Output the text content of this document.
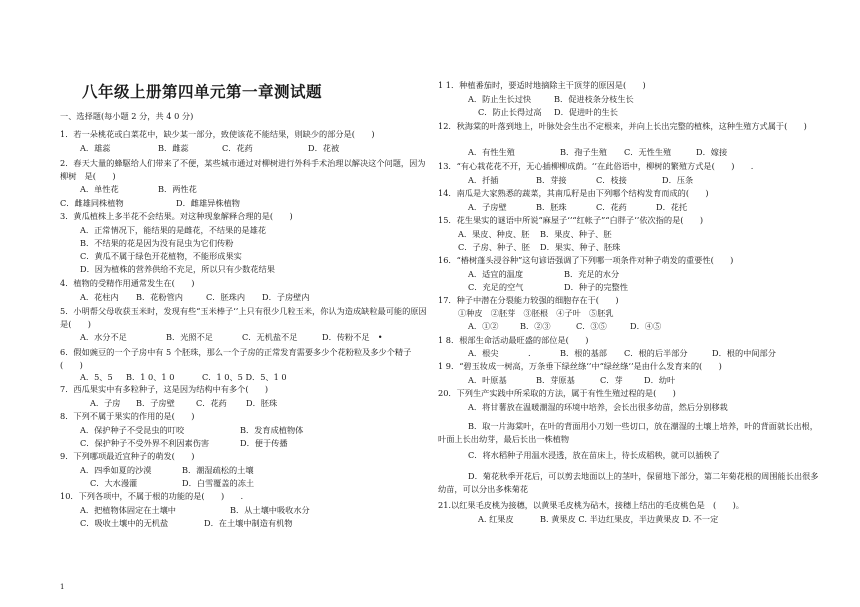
八年级上册第四单元第一章测试题
一、选择题(每小题 2 分，共 4 0 分)
1．若一朵桃花或白菜花中，缺少某一部分，致使该花不能结果，则缺少的部分是(　　)
A．雄蕊	B．雌蕊	C．花药	D．花被
2．春天大量的蜂駆给人们带来了不便，某些城市通过对柳树进行外科手术治理以解决这个问题，因为柳树　是(　　)
A．单性花	B．两性花
C．雌雄同株植物	D．雌雄异株植物
3．黄瓜植株上多半花不会结果。对这种现象解释合理的是(　　)
A．正常情况下，能结果的是雌花，不结果的是雄花
B．不结果的花是因为没有昆虫为它们传粉
C．黄瓜不属于绿色开花植物，不能形成果实
D．因为植株的营养供给不充足，所以只有少数花结果
4．植物的受精作用通常发生在(　　)
A．花柱内 B．花粉管内	C．胚珠内 D．子房壁内
5．小明帮父母收获玉米时，发现有些“玉米棒子‘’上只有很少几粒玉米，你认为造成缺粒最可能的原因是(　　)
A．水分不足	B．光照不足	C．无机盐不足	D．传粉不足　•
6．假如豌豆的一个子房中有 5 个胚珠，那么一个子房的正常发育需要多少个花粉粒及多少个精子(　　)
A．5、5 B．1 0、1 0	C．1 0、5 D．5、1 0
7．西瓜果实中有多粒种子，这是因为结构中有多个(　　)
A．子房 B．子房壁	C．花药 D．胚珠
8．下列不属于果实的作用的是(　　)
A．保护种子不受昆虫的叮咬	B．发育成植物体
C．保护种子不受外界不利因素伤害	D．便于传播
9．下列哪项最近宜种子的萌发(　　)
A．四季如夏的沙漠	B．潮湿疏松的土壤
C．大水漫灌	D．白雪覆盖的冻土
10．下列各项中，不属于根的功能的是(　　)　　.
A．把植物体固定在土壤中	B．从土壤中吸收水分
C．吸收土壤中的无机盐	D．在土壤中制造有机物
1 1．种植番茄时，要适时地摘除主干顶芽的原因是(　　)
A．防止生长过快	B．促进枝条分枝生长
C．防止长得过高 D．促进叶的生长
12．秋海棠的叶落到地上，叶脉处会生出不定根来，并向上长出完整的植株，这种生殖方式属于(　　)
A．有性生殖	B．孢子生殖 C．无性生殖	D．嫁接
13．“有心栽花花不开，无心插柳柳成荫。‘’在此俗语中，柳树的繁殖方式是(　　)　　.
A．扦插	B．芽接	C．枝接	D．压条
14．南瓜是大家熟悉的蔬菜，其南瓜籽是由下列哪个结构发育而成的(　　)
A．子房壁	B．胚珠	C．花药	D．花托
15．花生果实的谜语中所说“麻屋子‘’“红帐子”“白胖子‘’依次指的是(　　)
A．果皮、种皮、胚 B．果皮、种子、胚
C．子房、种子、胚 D．果实、种子、胚珠
16．“椿树蓬头浸谷种”这句谚语强调了下列哪一项条件对种子萌发的重要性(　　)
A．适宜的温度	B．充足的水分
C．充足的空气	D．种子的完整性
17．种子中潜在分裂能力较强的细胞存在于(　　)
①种皮　②胚芽　③胚根　④子叶　⑤胚乳
A．①②	B．②③	C．③⑤	D．④⑤
1 8．根部生命活动最旺盛的部位是(　　)
A．根尖	.	B．根的基部 C．根的后半部分	D．根的中间部分
1 9．“碧玉妆成一树高，万条垂下绿丝绦‘’中“绿丝绦‘’是由什么发育来的(　　)
A．叶原基	B．芽原基	C．芽	D．幼叶
20．下列生产实践中所采取的方法，属于有性生殖过程的是(　　)
A．将甘薯放在温暖潮湿的环境中培养，会长出很多幼苗，然后分别移栽
B．取一片海棠叶，在叶的背面用小刀划一些切口，放在潮湿的土壤上培养，叶的背面就长出根，叶面上长出幼芽，最后长出一株植物
C．将水稻种子用温水浸透，放在苗床上，待长成稻秧，就可以插秧了
D．菊花秋季开花后，可以剪去地面以上的茎叶，保留地下部分，第二年菊花根的周围能长出很多幼苗，可以分出多株菊花
21.以红果毛皮桃为接穗，以黄果毛皮桃为砧木，接穗上结出的毛皮桃色是　(　　)。
A. 红果皮	B. 黄果皮 C. 半边红果皮，半边黄果皮 D. 不一定
1
